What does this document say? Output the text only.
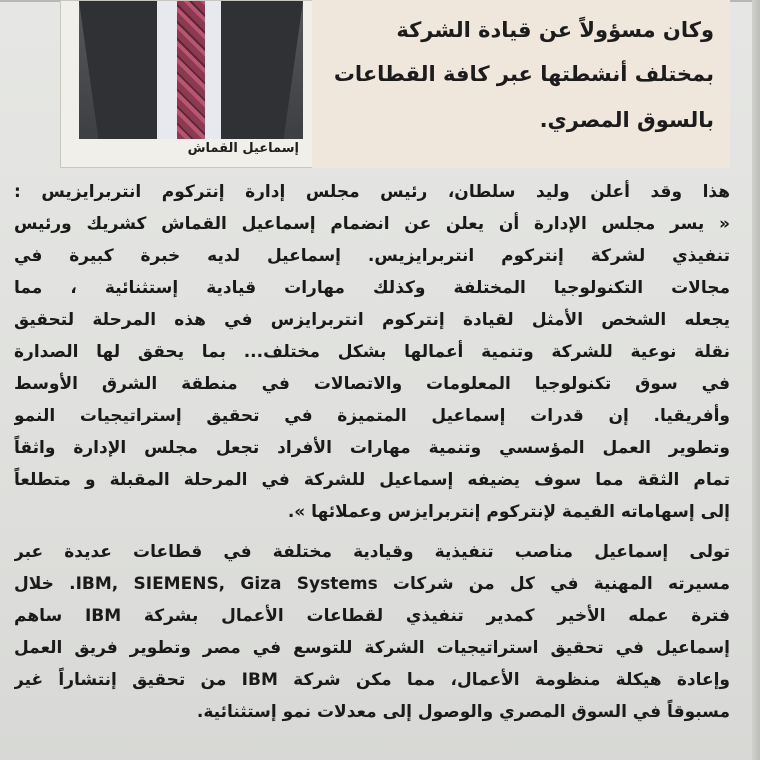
إسماعيل القماش
وكان مسؤولاً عن قيادة الشركة
بمختلف أنشطتها عبر كافة القطاعات
بالسوق المصري.
هذا وقد أعلن وليد سلطان، رئيس مجلس إدارة إنتركوم انتربرايزيس :
« يسر مجلس الإدارة أن يعلن عن انضمام إسماعيل القماش كشريك ورئيس
تنفيذي لشركة إنتركوم انتربرايزيس. إسماعيل لديه خبرة كبيرة في
مجالات التكنولوجيا المختلفة وكذلك مهارات قيادية إستثنائية ، مما
يجعله الشخص الأمثل لقيادة إنتركوم انتربرايزس في هذه المرحلة لتحقيق
نقلة نوعية للشركة وتنمية أعمالها بشكل مختلف... بما يحقق لها الصدارة
في سوق تكنولوجيا المعلومات والاتصالات في منطقة الشرق الأوسط
وأفريقيا. إن قدرات إسماعيل المتميزة في تحقيق إستراتيجيات النمو
وتطوير العمل المؤسسي وتنمية مهارات الأفراد تجعل مجلس الإدارة واثقاً
تمام الثقة مما سوف يضيفه إسماعيل للشركة في المرحلة المقبلة و متطلعاً
إلى إسهاماته القيمة لإنتركوم إنتربرايزس وعملائها ».
تولى إسماعيل مناصب تنفيذية وقيادية مختلفة في قطاعات عديدة عبر
مسيرته المهنية في كل من شركات IBM, SIEMENS, Giza Systems. خلال
فترة عمله الأخير كمدير تنفيذي لقطاعات الأعمال بشركة IBM ساهم
إسماعيل في تحقيق استراتيجيات الشركة للتوسع في مصر وتطوير فريق العمل
وإعادة هيكلة منظومة الأعمال، مما مكن شركة IBM من تحقيق إنتشاراً غير
مسبوقاً في السوق المصري والوصول إلى معدلات نمو إستثنائية.
